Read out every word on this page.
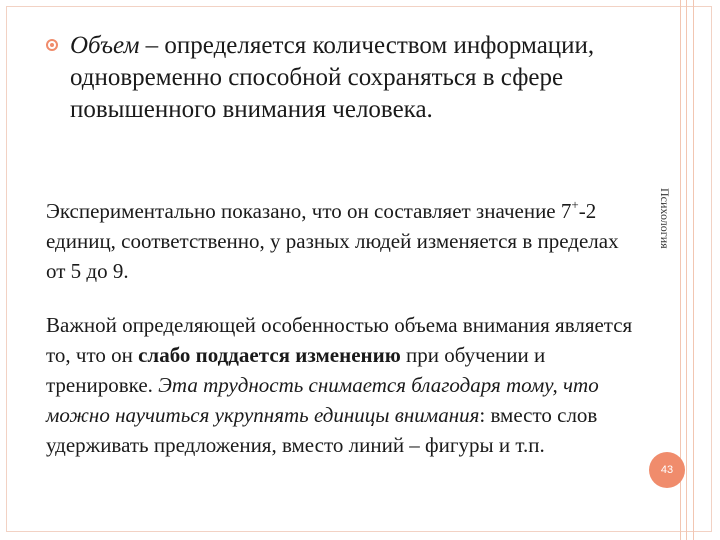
Психология
Объем – определяется количеством информации, одновременно способной сохраняться в сфере повышенного внимания человека.
Экспериментально показано, что он составляет значение 7+-2 единиц, соответственно, у разных людей изменяется в пределах от 5 до 9.
Важной определяющей особенностью объема внимания является то, что он слабо поддается изменению при обучении и тренировке. Эта трудность снимается благодаря тому, что можно научиться укрупнять единицы внимания: вместо слов удерживать предложения, вместо линий – фигуры и т.п.
43
